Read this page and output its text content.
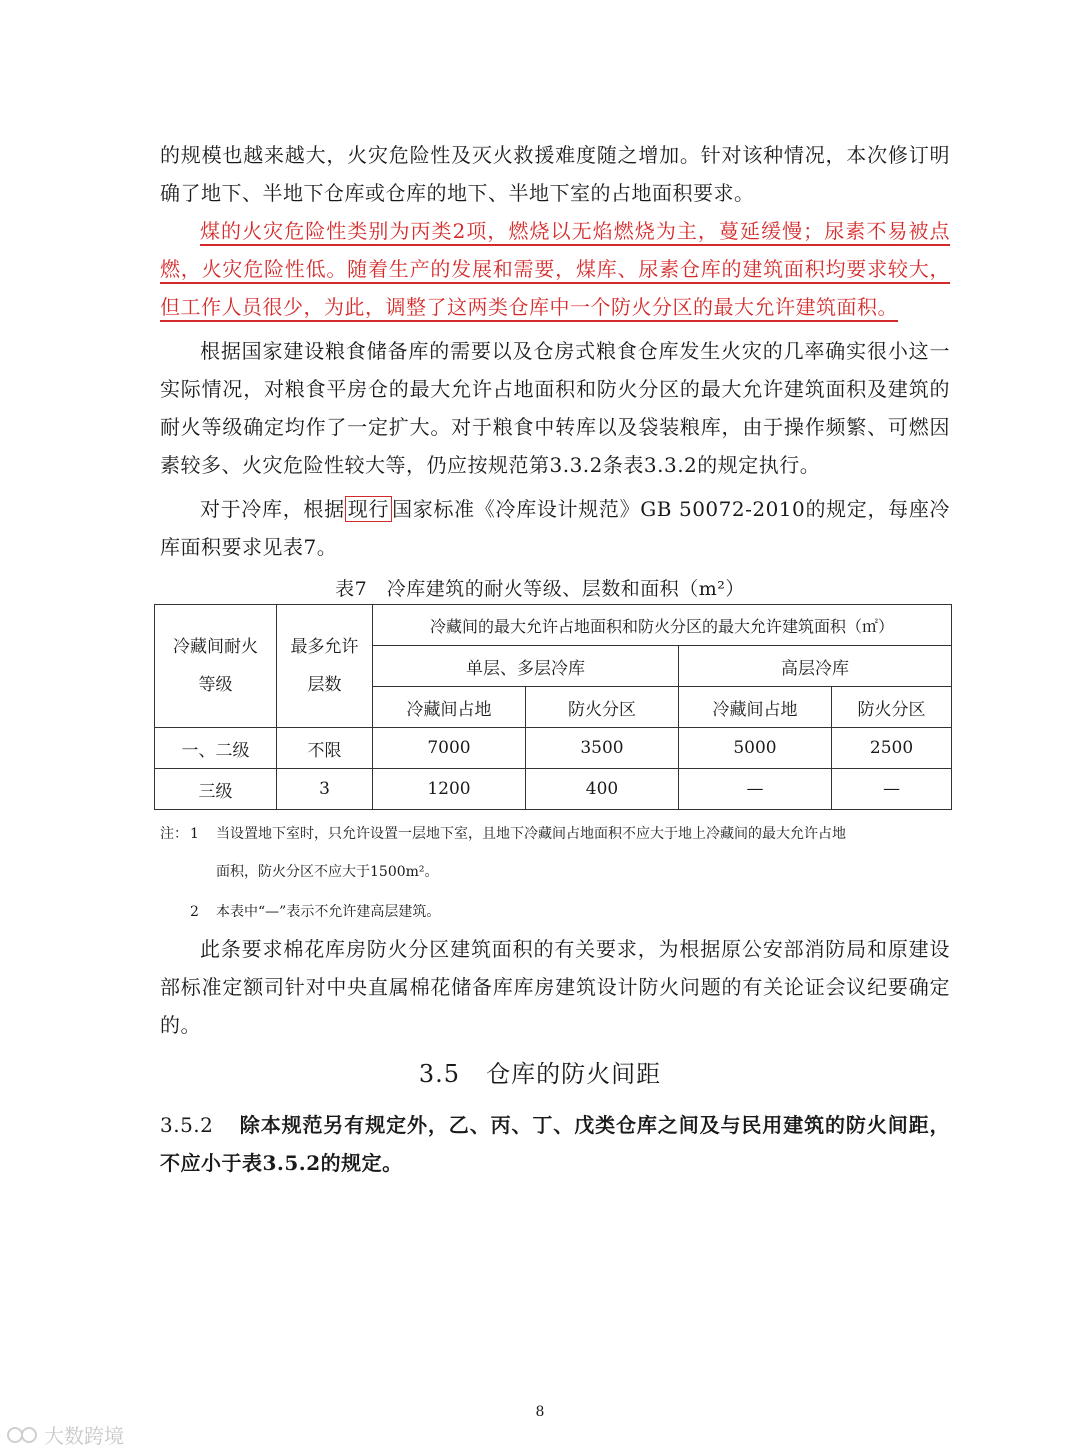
的规模也越来越大，火灾危险性及灭火救援难度随之增加。针对该种情况，本次修订明确了地下、半地下仓库或仓库的地下、半地下室的占地面积要求。

煤的火灾危险性类别为丙类2项，燃烧以无焰燃烧为主，蔓延缓慢；尿素不易被点燃，火灾危险性低。随着生产的发展和需要，煤库、尿素仓库的建筑面积均要求较大，但工作人员很少，为此，调整了这两类仓库中一个防火分区的最大允许建筑面积。

根据国家建设粮食储备库的需要以及仓房式粮食仓库发生火灾的几率确实很小这一实际情况，对粮食平房仓的最大允许占地面积和防火分区的最大允许建筑面积及建筑的耐火等级确定均作了一定扩大。对于粮食中转库以及袋装粮库，由于操作频繁、可燃因素较多、火灾危险性较大等，仍应按规范第3.3.2条表3.3.2的规定执行。

对于冷库，根据 现行 国家标准《冷库设计规范》GB 50072-2010的规定，每座冷库面积要求见表7。

表7　冷库建筑的耐火等级、层数和面积（m²）
冷藏间耐火等级	最多允许层数	冷藏间的最大允许占地面积和防火分区的最大允许建筑面积（㎡）			
		单层、多层冷库		高层冷库	
		冷藏间占地	防火分区	冷藏间占地	防火分区
一、二级	不限	7000	3500	5000	2500
三级	3	1200	400	—	—
注： 1 当设置地下室时，只允许设置一层地下室，且地下冷藏间占地面积不应大于地上冷藏间的最大允许占地
面积，防火分区不应大于1500m²。
2 本表中“—”表示不允许建高层建筑。

此条要求棉花库房防火分区建筑面积的有关要求，为根据原公安部消防局和原建设部标准定额司针对中央直属棉花储备库库房建筑设计防火问题的有关论证会议纪要确定的。

3.5 仓库的防火间距
3.5.2 除本规范另有规定外，乙、丙、丁、戊类仓库之间及与民用建筑的防火间距，不应小于表3.5.2的规定。
8
大数跨境
